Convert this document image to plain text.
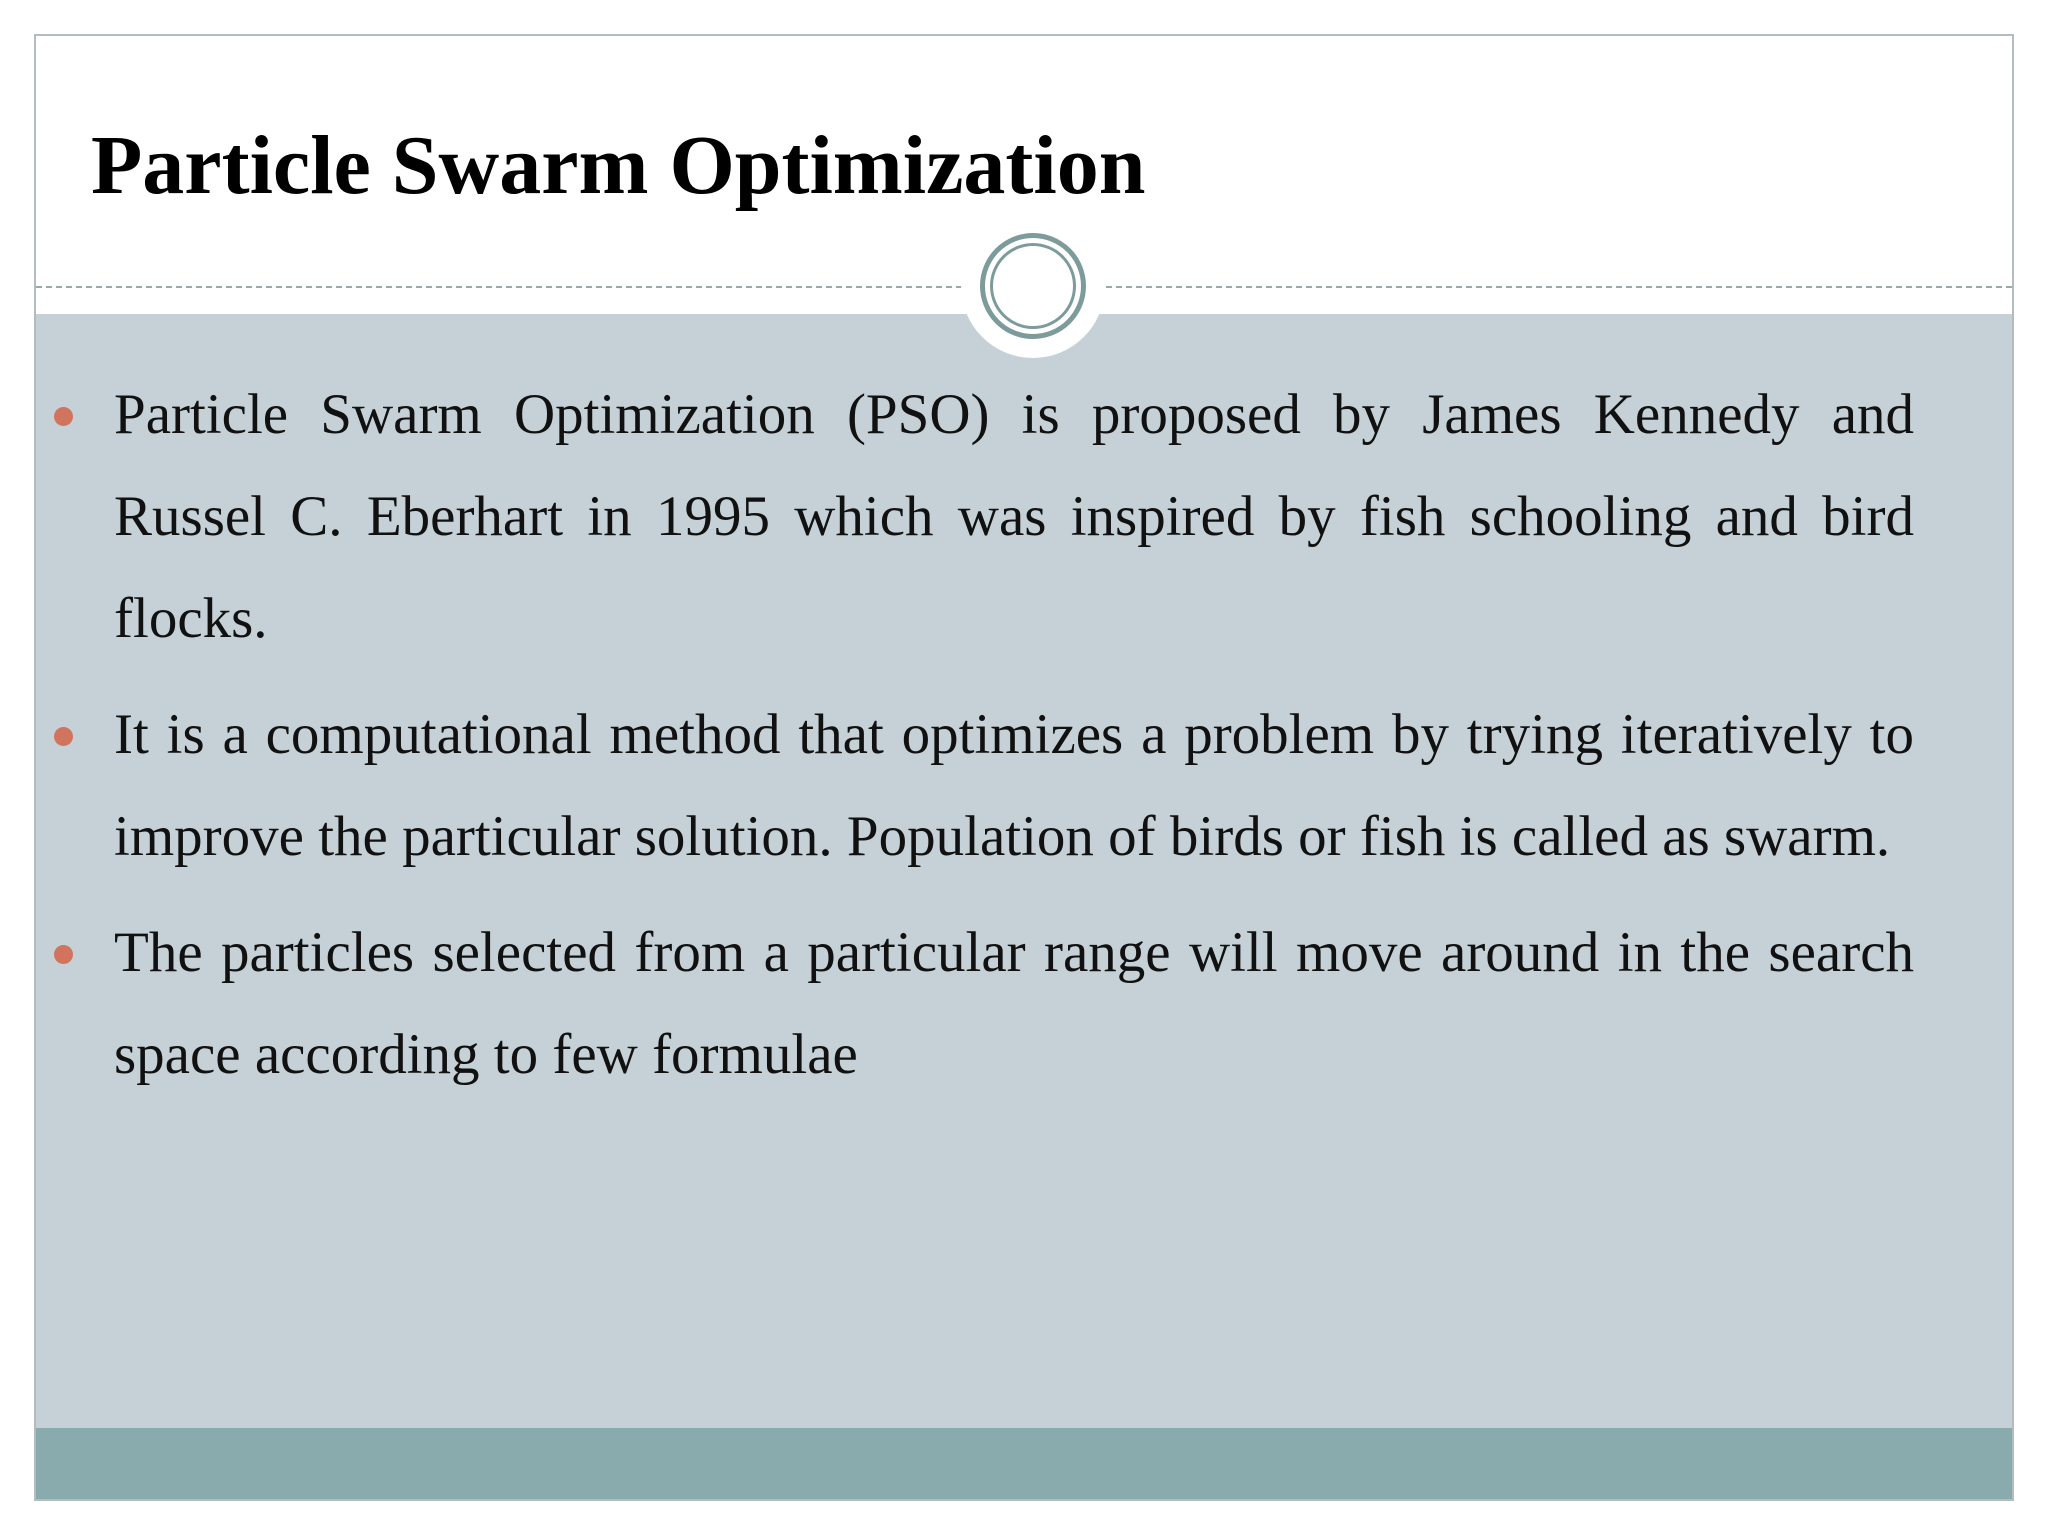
Particle Swarm Optimization
Particle Swarm Optimization (PSO) is proposed by James Kennedy and Russel C. Eberhart in 1995 which was inspired by fish schooling and bird flocks.
It is a computational method that optimizes a problem by trying iteratively to improve the particular solution. Population of birds or fish is called as swarm.
The particles selected from a particular range will move around in the search space according to few formulae
